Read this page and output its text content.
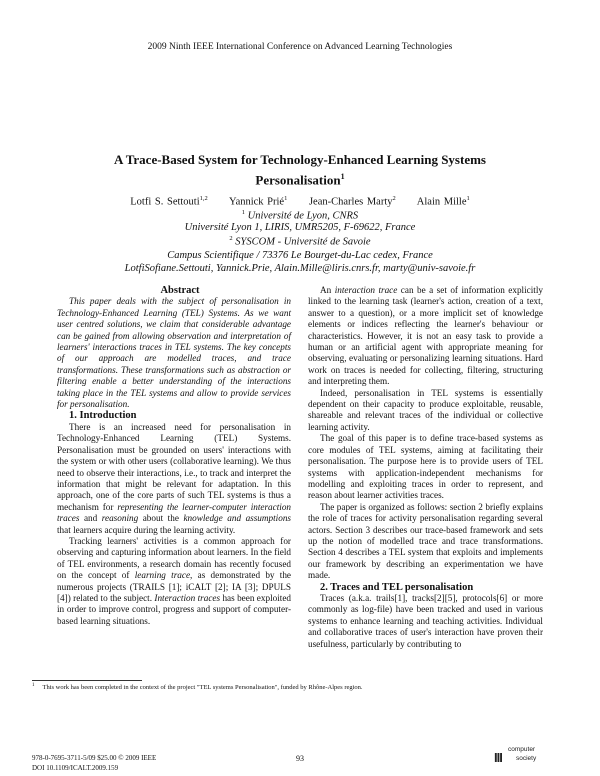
2009 Ninth IEEE International Conference on Advanced Learning Technologies
A Trace-Based System for Technology-Enhanced Learning Systems
Personalisation$^1$
Lotfi S. Settouti$^{1,2}$ Yannick Prié$^1$ Jean-Charles Marty$^2$ Alain Mille$^1$
$^1$ Université de Lyon, CNRS
Université Lyon 1, LIRIS, UMR5205, F-69622, France
$^2$ SYSCOM - Université de Savoie
Campus Scientifique / 73376 Le Bourget-du-Lac cedex, France
LotfiSofiane.Settouti, Yannick.Prie, Alain.Mille@liris.cnrs.fr, marty@univ-savoie.fr

Abstract

This paper deals with the subject of personalisation in Technology-Enhanced Learning (TEL) Systems. As we want user centred solutions, we claim that considerable advantage can be gained from allowing observation and interpretation of learners' interactions traces in TEL systems. The key concepts of our approach are modelled traces, and trace transformations. These transformations such as abstraction or filtering enable a better understanding of the interactions taking place in the TEL systems and allow to provide services for personalisation.

1. Introduction

There is an increased need for personalisation in Technology-Enhanced Learning (TEL) Systems. Personalisation must be grounded on users' interactions with the system or with other users (collaborative learning). We thus need to observe their interactions, i.e., to track and interpret the information that might be relevant for adaptation. In this approach, one of the core parts of such TEL systems is thus a mechanism for representing the learner-computer interaction traces and reasoning about the knowledge and assumptions that learners acquire during the learning activity.

Tracking learners' activities is a common approach for observing and capturing information about learners. In the field of TEL environments, a research domain has recently focused on the concept of learning trace, as demonstrated by the numerous projects (TRAILS [1]; iCALT [2]; IA [3]; DPULS [4]) related to the subject. Interaction traces has been exploited in order to improve control, progress and support of computer-based learning situations.

An interaction trace can be a set of information explicitly linked to the learning task (learner's action, creation of a text, answer to a question), or a more implicit set of knowledge elements or indices reflecting the learner's behaviour or characteristics. However, it is not an easy task to provide a human or an artificial agent with appropriate meaning for observing, evaluating or personalizing learning situations. Hard work on traces is needed for collecting, filtering, structuring and interpreting them.

Indeed, personalisation in TEL systems is essentially dependent on their capacity to produce exploitable, reusable, shareable and relevant traces of the individual or collective learning activity.

The goal of this paper is to define trace-based systems as core modules of TEL systems, aiming at facilitating their personalisation. The purpose here is to provide users of TEL systems with application-independent mechanisms for modelling and exploiting traces in order to represent, and reason about learner activities traces.

The paper is organized as follows: section 2 briefly explains the role of traces for activity personalisation regarding several actors. Section 3 describes our trace-based framework and sets up the notion of modelled trace and trace transformations. Section 4 describes a TEL system that exploits and implements our framework by describing an experimentation we have made.

2. Traces and TEL personalisation

Traces (a.k.a. trails[1], tracks[2][5], protocols[6] or more commonly as log-file) have been tracked and used in various systems to enhance learning and teaching activities. Individual and collaborative traces of user's interaction have proven their usefulness, particularly by contributing to

$^1$ This work has been completed in the context of the project "TEL systems Personalisation", funded by Rhône-Alpes region.
978-0-7695-3711-5/09 $25.00 © 2009 IEEE
DOI 10.1109/ICALT.2009.159
93	III
computer
society
